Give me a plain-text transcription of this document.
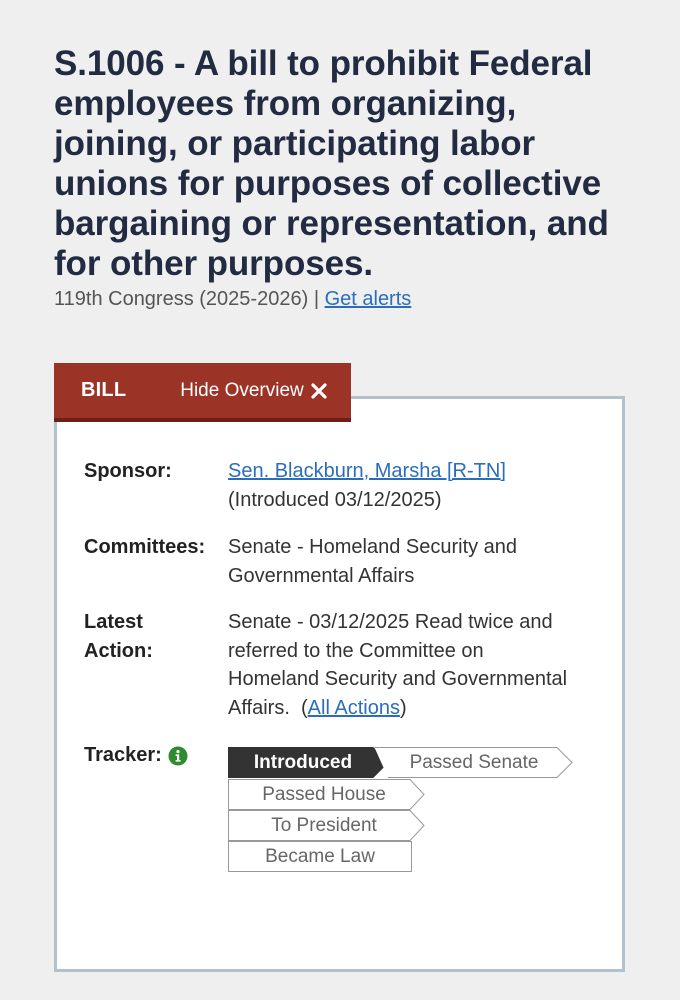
S.1006 - A bill to prohibit Federal employees from organizing, joining, or participating labor unions for purposes of collective bargaining or representation, and for other purposes.
119th Congress (2025-2026) | Get alerts
BILL	Hide Overview
Sponsor:	Sen. Blackburn, Marsha [R-TN]
(Introduced 03/12/2025)
Committees:	Senate - Homeland Security and Governmental Affairs
Latest
Action:
Senate - 03/12/2025 Read twice and referred to the Committee on Homeland Security and Governmental Affairs. (All Actions)
Tracker:	Introduced	Passed Senate
Passed House
To President
Became Law
